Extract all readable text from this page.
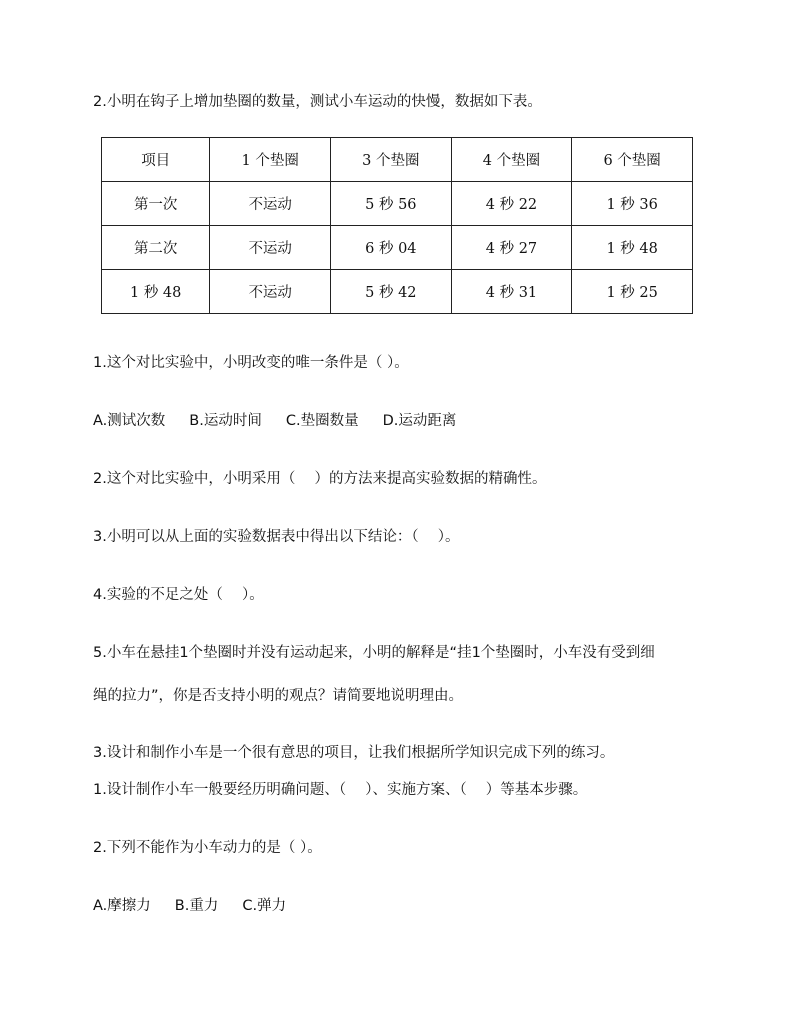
2.小明在钩子上增加垫圈的数量，测试小车运动的快慢，数据如下表。
项目	1 个垫圈	3 个垫圈	4 个垫圈	6 个垫圈
第一次	不运动	5 秒 56	4 秒 22	1 秒 36
第二次	不运动	6 秒 04	4 秒 27	1 秒 48
1 秒 48	不运动	5 秒 42	4 秒 31	1 秒 25
1.这个对比实验中，小明改变的唯一条件是（ ）。
A.测试次数 B.运动时间 C.垫圈数量 D.运动距离
2.这个对比实验中，小明采用（　 ）的方法来提高实验数据的精确性。
3.小明可以从上面的实验数据表中得出以下结论：（　 ）。
4.实验的不足之处（　 ）。
5.小车在悬挂1个垫圈时并没有运动起来，小明的解释是“挂1个垫圈时，小车没有受到细
绳的拉力”，你是否支持小明的观点？请简要地说明理由。
3.设计和制作小车是一个很有意思的项目，让我们根据所学知识完成下列的练习。
1.设计制作小车一般要经历明确问题、（　 ）、实施方案、（　 ）等基本步骤。
2.下列不能作为小车动力的是（ ）。
A.摩擦力 B.重力 C.弹力
